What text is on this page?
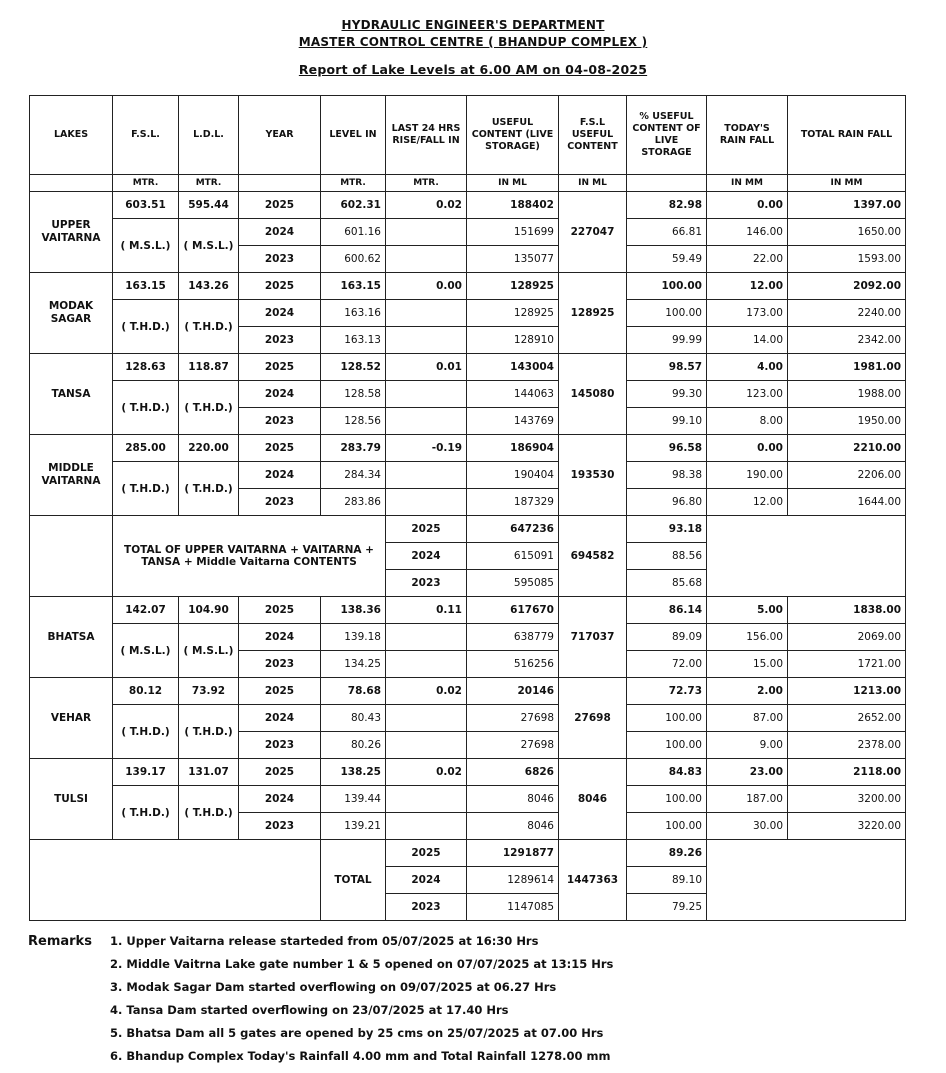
HYDRAULIC ENGINEER'S DEPARTMENT
MASTER CONTROL CENTRE ( BHANDUP COMPLEX )
Report of Lake Levels at 6.00 AM on 04-08-2025
LAKES	F.S.L.	L.D.L.	YEAR	LEVEL IN	LAST 24 HRS RISE/FALL IN	USEFUL CONTENT (LIVE STORAGE)	F.S.L USEFUL CONTENT	% USEFUL CONTENT OF LIVE STORAGE	TODAY'S RAIN FALL	TOTAL RAIN FALL
	MTR.	MTR.		MTR.	MTR.	IN ML	IN ML		IN MM	IN MM
UPPER VAITARNA	603.51	595.44	2025	602.31	0.02	188402	227047	82.98	0.00	1397.00
	( M.S.L.)	( M.S.L.)	2024	601.16		151699		66.81	146.00	1650.00
			2023	600.62		135077		59.49	22.00	1593.00
MODAK SAGAR	163.15	143.26	2025	163.15	0.00	128925	128925	100.00	12.00	2092.00
	( T.H.D.)	( T.H.D.)	2024	163.16		128925		100.00	173.00	2240.00
			2023	163.13		128910		99.99	14.00	2342.00
TANSA	128.63	118.87	2025	128.52	0.01	143004	145080	98.57	4.00	1981.00
	( T.H.D.)	( T.H.D.)	2024	128.58		144063		99.30	123.00	1988.00
			2023	128.56		143769		99.10	8.00	1950.00
MIDDLE VAITARNA	285.00	220.00	2025	283.79	-0.19	186904	193530	96.58	0.00	2210.00
	( T.H.D.)	( T.H.D.)	2024	284.34		190404		98.38	190.00	2206.00
			2023	283.86		187329		96.80	12.00	1644.00
	TOTAL OF UPPER VAITARNA + VAITARNA + TANSA + Middle Vaitarna CONTENTS				2025	647236	694582	93.18		
					2024	615091		88.56		
					2023	595085		85.68		
BHATSA	142.07	104.90	2025	138.36	0.11	617670	717037	86.14	5.00	1838.00
	( M.S.L.)	( M.S.L.)	2024	139.18		638779		89.09	156.00	2069.00
			2023	134.25		516256		72.00	15.00	1721.00
VEHAR	80.12	73.92	2025	78.68	0.02	20146	27698	72.73	2.00	1213.00
	( T.H.D.)	( T.H.D.)	2024	80.43		27698		100.00	87.00	2652.00
			2023	80.26		27698		100.00	9.00	2378.00
TULSI	139.17	131.07	2025	138.25	0.02	6826	8046	84.83	23.00	2118.00
	( T.H.D.)	( T.H.D.)	2024	139.44		8046		100.00	187.00	3200.00
			2023	139.21		8046		100.00	30.00	3220.00
				TOTAL	2025	1291877	1447363	89.26		
					2024	1289614		89.10		
					2023	1147085		79.25		
Remarks 1. Upper Vaitarna release starteded from 05/07/2025 at 16:30 Hrs
2. Middle Vaitrna Lake gate number 1 & 5 opened on 07/07/2025 at 13:15 Hrs
3. Modak Sagar Dam started overflowing on 09/07/2025 at 06.27 Hrs
4. Tansa Dam started overflowing on 23/07/2025 at 17.40 Hrs
5. Bhatsa Dam all 5 gates are opened by 25 cms on 25/07/2025 at 07.00 Hrs
6. Bhandup Complex Today's Rainfall 4.00 mm and Total Rainfall 1278.00 mm
